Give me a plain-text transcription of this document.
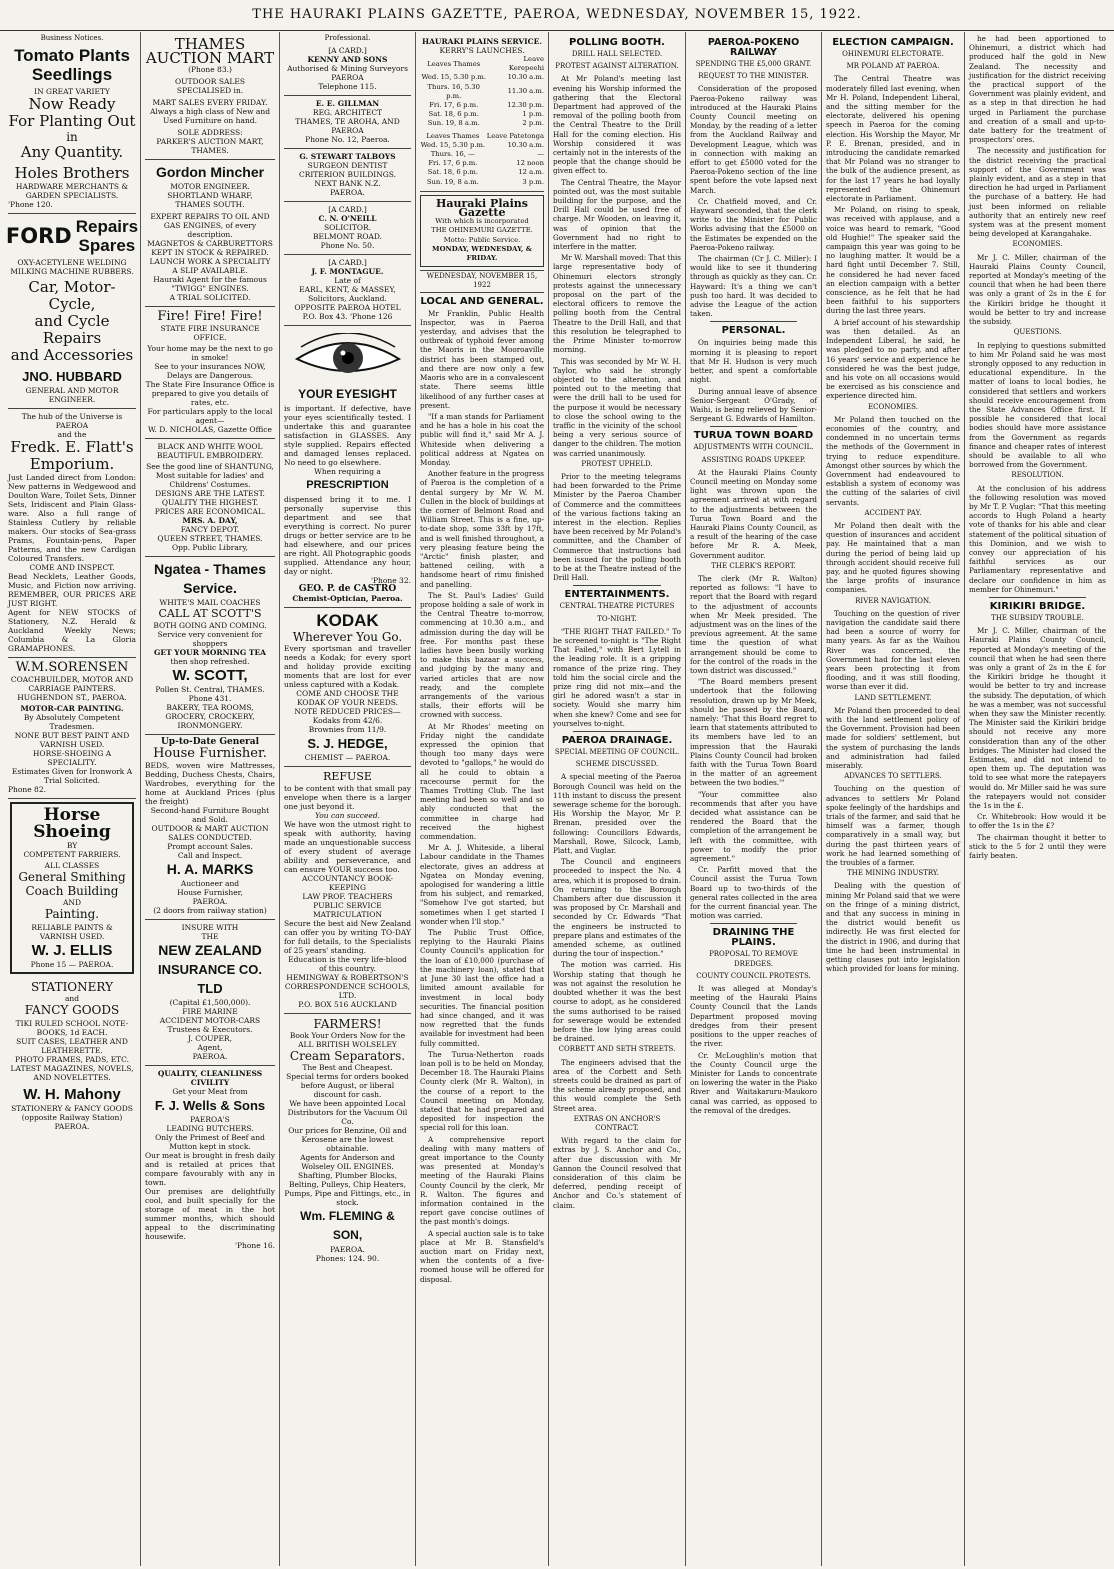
THE HAURAKI PLAINS GAZETTE, PAEROA, WEDNESDAY, NOVEMBER 15, 1922.
Business Notices.
Tomato Plants
Seedlings
IN GREAT VARIETY
Now Ready
For Planting Out
in
Any Quantity.
Holes Brothers
HARDWARE MERCHANTS &
GARDEN SPECIALISTS.
'Phone 120.
FORD Repairs
Spares
OXY-ACETYLENE WELDING
MILKING MACHINE RUBBERS.
Car, Motor-Cycle,
and Cycle Repairs
and Accessories
JNO. HUBBARD
GENERAL AND MOTOR
ENGINEER.
The hub of the Universe is
PAEROA
and the
Fredk. E. Flatt's
Emporium.
Just Landed direct from London: New patterns in Wedgewood and Doulton Ware, Toilet Sets, Dinner Sets, Iridiscent and Plain Glass-ware. Also a full range of Stainless Cutlery by reliable makers. Our stocks of Sea-grass Prams, Fountain-pens, Paper Patterns, and the new Cardigan Coloured Transfers.
COME AND INSPECT.
Bead Necklets, Leather Goods, Music, and Fiction now arriving. REMEMBER, OUR PRICES ARE JUST RIGHT.
Agent for NEW STOCKS of Stationery, N.Z. Herald & Auckland Weekly News; Columbia & La Gloria GRAMAPHONES.
W.M.SORENSEN
COACHBUILDER, MOTOR AND
CARRIAGE PAINTERS.
HUGHENDON ST., PAEROA.
MOTOR-CAR PAINTING.
By Absolutely Competent Tradesmen.
NONE BUT BEST PAINT AND VARNISH USED.
HORSE-SHOEING A SPECIALITY.
Estimates Given for Ironwork A Trial Solicited.
Phone 82.
Horse Shoeing
BY
COMPETENT FARRIERS.
ALL CLASSES
General Smithing
Coach Building
AND
Painting.
RELIABLE PAINTS & VARNISH USED.
W. J. ELLIS
Phone 15 — PAEROA.
STATIONERY
and
FANCY GOODS
TIKI RULED SCHOOL NOTE-BOOKS, 1d EACH.
SUIT CASES, LEATHER AND LEATHERETTE.
PHOTO FRAMES, PADS, ETC.
LATEST MAGAZINES, NOVELS, AND NOVELETTES.
W. H. Mahony
STATIONERY & FANCY GOODS
(opposite Railway Station)
PAEROA.
THAMES
AUCTION MART
(Phone 83.)
OUTDOOR SALES
SPECIALISED in.
MART SALES EVERY FRIDAY.
Always a high class of New and Used Furniture on hand.
SOLE ADDRESS:
PARKER'S AUCTION MART, THAMES.
Gordon Mincher
MOTOR ENGINEER.
SHORTLAND WHARF,
THAMES SOUTH.
EXPERT REPAIRS TO OIL AND GAS ENGINES, of every description.
MAGNETOS & CARBURETTORS KEPT IN STOCK & REPAIRED.
LAUNCH WORK A SPECIALITY
A SLIP AVAILABLE.
Hauraki Agent for the famous "TWIGG" ENGINES.
A TRIAL SOLICITED.
Fire! Fire! Fire!
STATE FIRE INSURANCE OFFICE.
Your home may be the next to go in smoke!
See to your insurances NOW, Delays are Dangerous.
The State Fire Insurance Office is prepared to give you details of rates, etc.
For particulars apply to the local agent—
W. D. NICHOLAS, Gazette Office
BLACK AND WHITE WOOL
BEAUTIFUL EMBROIDERY.
See the good line of SHANTUNG, Most suitable for ladies' and Childrens' Costumes.
DESIGNS ARE THE LATEST.
QUALITY THE HIGHEST.
PRICES ARE ECONOMICAL.
MRS. A. DAY,
FANCY DEPOT.
QUEEN STREET, THAMES.
Opp. Public Library,
Ngatea - Thames
Service.
WHITE'S MAIL COACHES
CALL AT SCOTT'S
BOTH GOING AND COMING.
Service very convenient for shoppers
GET YOUR MORNING TEA
then shop refreshed.
W. SCOTT,
Pollen St. Central, THAMES.
Phone 431.
BAKERY, TEA ROOMS, GROCERY, CROCKERY, IRONMONGERY.
Up-to-Date General
House Furnisher.
BEDS, woven wire Mattresses, Bedding, Duchess Chests, Chairs, Wardrobes, everything for the home at Auckland Prices (plus the freight)
Second-hand Furniture Bought and Sold.
OUTDOOR & MART AUCTION SALES CONDUCTED.
Prompt account Sales.
Call and Inspect.
H. A. MARKS
Auctioneer and
House Furnisher,
PAEROA.
(2 doors from railway station)
INSURE WITH
THE
NEW ZEALAND
INSURANCE CO. TLD
(Capital £1,500,000).
FIRE MARINE
ACCIDENT MOTOR-CARS
Trustees & Executors.
J. COUPER,
Agent,
PAEROA.
QUALITY, CLEANLINESS
CIVILITY
Get your Meat from
F. J. Wells & Sons
PAEROA'S
LEADING BUTCHERS.
Only the Primest of Beef and Mutton kept in stock.
Our meat is brought in fresh daily and is retailed at prices that compare favourably with any in town.
Our premises are delightfully cool, and built specially for the storage of meat in the hot summer months, which should appeal to the discriminating housewife.
'Phone 16.
Professional.
[A CARD.]
KENNY AND SONS
Authorised & Mining Surveyors
PAEROA
Telephone 115.
E. E. GILLMAN
REG. ARCHITECT
THAMES, TE AROHA, AND
PAEROA
Phone No. 12, Paeroa.
G. STEWART TALBOYS
SURGEON DENTIST
CRITERION BUILDINGS.
NEXT BANK N.Z.
PAEROA.
[A CARD.]
C. N. O'NEILL
SOLICITOR.
BELMONT ROAD.
Phone No. 50.
[A CARD.]
J. F. MONTAGUE.
Late of
EARL, KENT, & MASSEY,
Solicitors, Auckland.
OPPOSITE PAEROA HOTEL
P.O. Box 43. 'Phone 126
YOUR EYESIGHT
is important. If defective, have your eyes scientifically tested. I undertake this and guarantee satisfaction in GLASSES. Any style supplied. Repairs effected and damaged lenses replaced. No need to go elsewhere.
When requiring a
PRESCRIPTION
dispensed bring it to me. I personally supervise this department and see that everything is correct. No purer drugs or better service are to be had elsewhere, and our prices are right. All Photographic goods supplied. Attendance any hour, day or night.
'Phone 32.
GEO. P. de CASTRO
Chemist-Optician, Paeroa.
KODAK
Wherever You Go.
Every sportsman and traveller needs a Kodak; for every sport and holiday provide exciting moments that are lost for ever unless captured with a Kodak.
COME AND CHOOSE THE KODAK OF YOUR NEEDS.
NOTE REDUCED PRICES—
Kodaks from 42/6.
Brownies from 11/9.
S. J. HEDGE,
CHEMIST — PAEROA.
REFUSE
to be content with that small pay envelope when there is a larger one just beyond it.
You can succeed.
We have won the utmost right to speak with authority, having made an unquestionable success of every student of average ability and perseverance, and can ensure YOUR success too.
ACCOUNTANCY BOOK-KEEPING
LAW PROF. TEACHERS
PUBLIC SERVICE MATRICULATION
Secure the best aid New Zealand can offer you by writing TO-DAY for full details, to the Specialists of 25 years' standing.
Education is the very life-blood of this country.
HEMINGWAY & ROBERTSON'S
CORRESPONDENCE SCHOOLS, LTD.
P.O. BOX 516 AUCKLAND
FARMERS!
Book Your Orders Now for the
ALL BRITISH WOLSELEY
Cream Separators.
The Best and Cheapest.
Special terms for orders booked before August, or liberal discount for cash.
We have been appointed Local Distributors for the Vacuum Oil Co.
Our prices for Benzine, Oil and Kerosene are the lowest obtainable.
Agents for Anderson and Wolseley OIL ENGINES.
Shafting, Plumber Blocks, Belting, Pulleys, Chip Heaters, Pumps, Pipe and Fittings, etc., in stock.
Wm. FLEMING & SON,
PAEROA.
Phones: 124. 90.
HAURAKI PLAINS SERVICE.
KERRY'S LAUNCHES.
Leaves Thames	Leave Kerepeehi
Wed. 15, 5.30 p.m.	10.30 a.m.
Thurs. 16, 5.30 p.m.	11.30 a.m.
Fri. 17, 6 p.m.	12.30 p.m.
Sat. 18, 6 p.m.	1 p.m.
Sun. 19, 8 a.m.	2 p.m.
Leaves Thames	Leave Patetonga
Wed. 15, 5.30 p.m.	10.30 a.m.
Thurs. 16, —	—
Fri. 17, 6 p.m.	12 noon
Sat. 18, 6 p.m.	12 a.m.
Sun. 19, 8 a.m.	3 p.m.
Hauraki Plains Gazette
With which is incorporated
THE OHINEMURI GAZETTE.
Motto: Public Service.
MONDAY, WEDNESDAY, & FRIDAY.
WEDNESDAY, NOVEMBER 15, 1922
LOCAL AND GENERAL.

Mr Franklin, Public Health Inspector, was in Paeroa yesterday, and advises that the outbreak of typhoid fever among the Maoris in the Mooroaville district has been stamped out, and there are now only a few Maoris who are in a convalescent state. There seems little likelihood of any further cases at present.

"If a man stands for Parliament and he has a hole in his coat the public will find it," said Mr A. J. Whiteside when delivering a political address at Ngatea on Monday.

Another feature in the progress of Paeroa is the completion of a dental surgery by Mr W. M. Cullen in the block of buildings at the corner of Belmont Road and William Street. This is a fine, up-to-date shop, some 33ft by 17ft, and is well finished throughout, a very pleasing feature being the "Arctic" finish plaster, and battened ceiling, with a handsome heart of rimu finished and panelling.

The St. Paul's Ladies' Guild propose holding a sale of work in the Central Theatre to-morrow, commencing at 10.30 a.m., and admission during the day will be free. For months past these ladies have been busily working to make this bazaar a success, and judging by the many and varied articles that are now ready, and the complete arrangements of the various stalls, their efforts will be crowned with success.

At Mr Rhodes' meeting on Friday night the candidate expressed the opinion that though too many days were devoted to "gallops," he would do all he could to obtain a racecourse permit for the Thames Trotting Club. The last meeting had been so well and so ably conducted that the committee in charge had received the highest commendation.

Mr A. J. Whiteside, a liberal Labour candidate in the Thames electorate, gives an address at Ngatea on Monday evening, apologised for wandering a little from his subject, and remarked, "Somehow I've got started, but sometimes when I get started I wonder when I'll stop."

The Public Trust Office, replying to the Hauraki Plains County Council's application for the loan of £10,000 (purchase of the machinery loan), stated that at June 30 last the office had a limited amount available for investment in local body securities. The financial position had since changed, and it was now regretted that the funds available for investment had been fully committed.

The Turua-Netherton roads loan poll is to be held on Monday, December 18. The Hauraki Plains County clerk (Mr R. Walton), in the course of a report to the Council meeting on Monday, stated that he had prepared and deposited for inspection the special roll for this loan.

A comprehensive report dealing with many matters of great importance to the County was presented at Monday's meeting of the Hauraki Plains County Council by the clerk, Mr R. Walton. The figures and information contained in the report gave concise outlines of the past month's doings.

A special auction sale is to take place at Mr B. Stansfield's auction mart on Friday next, when the contents of a five-roomed house will be offered for disposal.

POLLING BOOTH.
DRILL HALL SELECTED.
PROTEST AGAINST ALTERATION.

At Mr Poland's meeting last evening his Worship informed the gathering that the Electoral Department had approved of the removal of the polling booth from the Central Theatre to the Drill Hall for the coming election. His Worship considered it was certainly not in the interests of the people that the change should be given effect to.

The Central Theatre, the Mayor pointed out, was the most suitable building for the purpose, and the Drill Hall could be used free of charge. Mr Wooden, on leaving it, was of opinion that the Government had no right to interfere in the matter.

Mr W. Marshall moved: That this large representative body of Ohinemuri electors strongly protests against the unnecessary proposal on the part of the electoral officers to remove the polling booth from the Central Theatre to the Drill Hall, and that this resolution be telegraphed to the Prime Minister to-morrow morning.

This was seconded by Mr W. H. Taylor, who said he strongly objected to the alteration, and pointed out to the meeting that were the drill hall to be used for the purpose it would be necessary to close the school owing to the traffic in the vicinity of the school being a very serious source of danger to the children. The motion was carried unanimously.

PROTEST UPHELD.

Prior to the meeting telegrams had been forwarded to the Prime Minister by the Paeroa Chamber of Commerce and the committees of the various factions taking an interest in the election. Replies have been received by Mr Poland's committee, and the Chamber of Commerce that instructions had been issued for the polling booth to be at the Theatre instead of the Drill Hall.

ENTERTAINMENTS.
CENTRAL THEATRE PICTURES
TO-NIGHT.

"THE RIGHT THAT FAILED." To be screened to-night is "The Right That Failed," with Bert Lytell in the leading role. It is a gripping romance of the prize ring. They told him the social circle and the prize ring did not mix—and the girl he adored wasn't a star in society. Would she marry him when she knew? Come and see for yourselves to-night.

PAEROA DRAINAGE.
SPECIAL MEETING OF COUNCIL.
SCHEME DISCUSSED.

A special meeting of the Paeroa Borough Council was held on the 11th instant to discuss the present sewerage scheme for the borough. His Worship the Mayor, Mr P. Brenan, presided over the following: Councillors Edwards, Marshall, Rowe, Silcock, Lamb, Platt, and Vuglar.

The Council and engineers proceeded to inspect the No. 4 area, which it is proposed to drain. On returning to the Borough Chambers after due discussion it was proposed by Cr. Marshall and seconded by Cr. Edwards "That the engineers be instructed to prepare plans and estimates of the amended scheme, as outlined during the tour of inspection."

The motion was carried. His Worship stating that though he was not against the resolution he doubted whether it was the best course to adopt, as he considered the sums authorised to be raised for sewerage would be extended before the low lying areas could be drained.

CORBETT AND SETH STREETS.

The engineers advised that the area of the Corbett and Seth streets could be drained as part of the scheme already proposed, and this would complete the Seth Street area.

EXTRAS ON ANCHOR'S CONTRACT.

With regard to the claim for extras by J. S. Anchor and Co., after due discussion with Mr Gannon the Council resolved that consideration of this claim be deferred, pending receipt of Anchor and Co.'s statement of claim.

PAEROA-POKENO RAILWAY
SPENDING THE £5,000 GRANT.
REQUEST TO THE MINISTER.

Consideration of the proposed Paeroa-Pokeno railway was introduced at the Hauraki Plains County Council meeting on Monday, by the reading of a letter from the Auckland Railway and Development League, which was in connection with making an effort to get £5000 voted for the Paeroa-Pokeno section of the line spent before the vote lapsed next March.

Cr. Chatfield moved, and Cr. Hayward seconded, that the clerk write to the Minister for Public Works advising that the £5000 on the Estimates be expended on the Paeroa-Pokeno railway.

The chairman (Cr J. C. Miller): I would like to see it thundering through as quickly as they can. Cr. Hayward: It's a thing we can't push too hard. It was decided to advise the League of the action taken.

PERSONAL.

On inquiries being made this morning it is pleasing to report that Mr H. Hudson is very much better, and spent a comfortable night.

During annual leave of absence Senior-Sergeant O'Grady, of Waihi, is being relieved by Senior-Sergeant G. Edwards of Hamilton.

TURUA TOWN BOARD
ADJUSTMENTS WITH COUNCIL.
ASSISTING ROADS UPKEEP.

At the Hauraki Plains County Council meeting on Monday some light was thrown upon the agreement arrived at with regard to the adjustments between the Turua Town Board and the Hauraki Plains County Council, as a result of the hearing of the case before Mr R. A. Meek, Government auditor.

THE CLERK'S REPORT.

The clerk (Mr R. Walton) reported as follows: "I have to report that the Board with regard to the adjustment of accounts when Mr Meek presided. The adjustment was on the lines of the previous agreement. At the same time the question of what arrangement should be come to for the control of the roads in the town district was discussed."

"The Board members present undertook that the following resolution, drawn up by Mr Meek, should be passed by the Board, namely: 'That this Board regret to learn that statements attributed to its members have led to an impression that the Hauraki Plains County Council had broken faith with the Turua Town Board in the matter of an agreement between the two bodies.'"

"Your committee also recommends that after you have decided what assistance can be rendered the Board that the completion of the arrangement be left with the committee, with power to modify the prior agreement."

Cr. Parfitt moved that the Council assist the Turua Town Board up to two-thirds of the general rates collected in the area for the current financial year. The motion was carried.

DRAINING THE PLAINS.
PROPOSAL TO REMOVE DREDGES.
COUNTY COUNCIL PROTESTS.

It was alleged at Monday's meeting of the Hauraki Plains County Council that the Lands Department proposed moving dredges from their present positions to the upper reaches of the river.

Cr. McLoughlin's motion that the County Council urge the Minister for Lands to concentrate on lowering the water in the Piako River and Waitakaruru-Maukoro canal was carried, as opposed to the removal of the dredges.

ELECTION CAMPAIGN.
OHINEMURI ELECTORATE.
MR POLAND AT PAEROA.

The Central Theatre was moderately filled last evening, when Mr H. Poland, Independent Liberal, and the sitting member for the electorate, delivered his opening speech in Paeroa for the coming election. His Worship the Mayor, Mr P. E. Brenan, presided, and in introducing the candidate remarked that Mr Poland was no stranger to the bulk of the audience present, as for the last 17 years he had loyally represented the Ohinemuri electorate in Parliament.

Mr Poland, on rising to speak, was received with applause, and a voice was heard to remark, "Good old Hughie!" The speaker said the campaign this year was going to be no laughing matter. It would be a hard fight until December 7. Still, he considered he had never faced an election campaign with a better conscience, as he felt that he had been faithful to his supporters during the last three years.

A brief account of his stewardship was then detailed. As an Independent Liberal, he said, he was pledged to no party, and after 16 years' service and experience he considered he was the best judge, and his vote on all occasions would be exercised as his conscience and experience directed him.

ECONOMIES.

Mr Poland then touched on the economies of the country, and condemned in no uncertain terms the methods of the Government in trying to reduce expenditure. Amongst other sources by which the Government had endeavoured to establish a system of economy was the cutting of the salaries of civil servants.

ACCIDENT PAY.

Mr Poland then dealt with the question of insurances and accident pay. He maintained that a man during the period of being laid up through accident should receive full pay, and he quoted figures showing the large profits of insurance companies.

RIVER NAVIGATION.

Touching on the question of river navigation the candidate said there had been a source of worry for many years. As far as the Waihou River was concerned, the Government had for the last eleven years been protecting it from flooding, and it was still flooding, worse than ever it did.

LAND SETTLEMENT.

Mr Poland then proceeded to deal with the land settlement policy of the Government. Provision had been made for soldiers' settlement, but the system of purchasing the lands and administration had failed miserably.

ADVANCES TO SETTLERS.

Touching on the question of advances to settlers Mr Poland spoke feelingly of the hardships and trials of the farmer, and said that he himself was a farmer, though comparatively in a small way, but during the past thirteen years of work he had learned something of the troubles of a farmer.

THE MINING INDUSTRY.

Dealing with the question of mining Mr Poland said that we were on the fringe of a mining district, and that any success in mining in the district would benefit us indirectly. He was first elected for the district in 1906, and during that time he had been instrumental in getting clauses put into legislation which provided for loans for mining.

he had been apportioned to Ohinemuri, a district which had produced half the gold in New Zealand. The necessity and justification for the district receiving the practical support of the Government was plainly evident, and as a step in that direction he had urged in Parliament the purchase and creation of a small and up-to-date battery for the treatment of prospectors' ores.

The necessity and justification for the district receiving the practical support of the Government was plainly evident, and as a step in that direction he had urged in Parliament the purchase of a battery. He had just been informed on reliable authority that an entirely new reef system was at the present moment being developed at Karangahake.

ECONOMIES.

Mr J. C. Miller, chairman of the Hauraki Plains County Council, reported at Monday's meeting of the council that when he had been there was only a grant of 2s in the £ for the Kirikiri bridge he thought it would be better to try and increase the subsidy.

QUESTIONS.

In replying to questions submitted to him Mr Poland said he was most strongly opposed to any reduction in educational expenditure. In the matter of loans to local bodies, he considered that settlers and workers should receive encouragement from the State Advances Office first. If possible he considered that local bodies should have more assistance from the Government as regards finance and cheaper rates of interest should be available to all who borrowed from the Government.

RESOLUTION.

At the conclusion of his address the following resolution was moved by Mr T. P. Vuglar: "That this meeting accords to Hugh Poland a hearty vote of thanks for his able and clear statement of the political situation of this Dominion, and we wish to convey our appreciation of his faithful services as our Parliamentary representative and declare our confidence in him as member for Ohinemuri."

KIRIKIRI BRIDGE.
THE SUBSIDY TROUBLE.

Mr J. C. Miller, chairman of the Hauraki Plains County Council, reported at Monday's meeting of the council that when he had seen there was only a grant of 2s in the £ for the Kirikiri bridge he thought it would be better to try and increase the subsidy. The deputation, of which he was a member, was not successful when they saw the Minister recently. The Minister said the Kirikiri bridge should not receive any more consideration than any of the other bridges. The Minister had closed the Estimates, and did not intend to open them up. The deputation was told to see what more the ratepayers would do. Mr Miller said he was sure the ratepayers would not consider the 1s in the £.

Cr. Whitebrook: How would it be to offer the 1s in the £?

The chairman thought it better to stick to the 5 for 2 until they were fairly beaten.
